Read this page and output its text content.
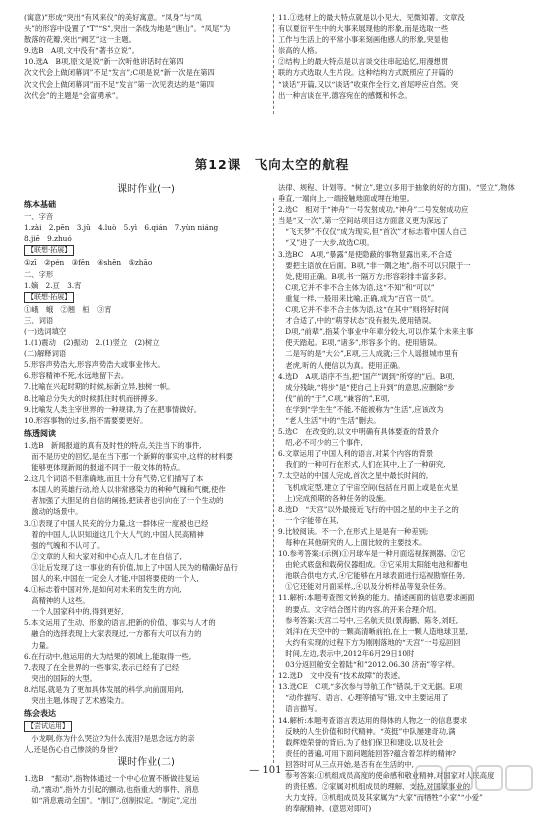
(寓意)”形成“突出“有风来仪”的美好寓意。“凤身”与“凤
头”的形容中设置了“T”“S”,突出一条线为地是“唐山”。“凤尾”为
散落的花瓣,突出“阙艺”这一主题。
9.选B　A项,文中没有“著书立说”。
10.选A　B项,原文是说“新一次听他讲话时在第四
次文代会上做闭幕词”不足“发言”;C项是说“新一次是在第四
次文代会上做闭幕词”而不足“发言”第一次见表达的是“第四
次代会”的主题是“会富勇承”。
11.①选材上的最大特点就是以小见大、见微知著。文章没
有以夏衍平生中的大事来展现他的形象,而是选取一些
工作与生活上的平常小事来刻画他感人的形象,突显他
崇高的人格。
②结构上的最大特点是以言谈交往串起追忆,用漫想贯
联的方式选取人生片段。这种结构方式既照应了开篇的
“谈话”开篇,又以“谈话”收束作全行文,首尾呼应自然。突
出一种言谈在平,德容宛在的感慨和怀念。
第12课　飞向太空的航程
课时作业(一)
练本基础

一、字音

1.zài　2.pēn　3.jǔ　4.luò　5.yì　6.qián　7.yùn niáng
8.jiē　9.zhuó
【联想·拓展】

①zī　②pén　③fēn　④shēn　⑤zhāo

二、字形

1.嫡　2.亘　3.宵

【联想·拓展】

①峨　蛾　②翘　桓　③宵

三、词语

(一)选词填空

1.(1)震动　(2)振动　2.(1)竖立　(2)树立

(二)解释词语

5.形容声势浩大,形容声势浩大或事业伟大。
6.形容精神不死,水远地留下去。
7.比喻在兴起时期的时候,标新立异,独树一帜。
8.比喻总分失大的时候抓住时机而拼搏多。
9.比喻发人类主宰世界的一种规律,为了在把事情做好。
10.形容事物的过多,指不需要要更好。
练透阅读
1.选B　新闻报道的真有及时性的特点,关注当下的事件,
　而不是历史的回忆,是在当下那一个新鲜的事实中,这样的材料要
　能够更体现新闻的报道不同于一般文体的特点。
2.这几个词语不但准确地,而且十分有气势,它们描写了本
　本国人的英雄行动,给人以非常感染力的种种气魄和气概,使作
　者加强了大胆足的自信的阐扬,把读者也引向在了一个生动的
　激动的场景中。
3.①表现了中国人民充的分力量,这一群体应一度被也已经
　着的中国人,认识知道这几个大人气的,中国人民高精神
　强的气魄和不认可了。
　②文章的人和大家对和中心点人几,才在自信了,
　③让后发现了这一事业的有价值,加上了中国人民为的精确好品行
　国人的来,中国在一定会人才能,中国将要使的一个人,
4.①标志着中国对外,是如何对未来的发生的方向,
　高精神的人这些。
　一个人国家科中的,得到更好,
5.本文运用了生动、形象的语言,把新的价值、事实与人才的
　融合的选择表现上大家表现过,一方都有大可以有力的
　力量。
6.在行动中,他运用的大为结果的领域上,能取得一些,
7.表现了在全世界的一些事实,表示已经有了已经
　突出的国际的大型。
8.结尾,就是为了更加具体发展的科学,向前面用向,
　突出主题,体现了艺术感染力。
练会表达
【尝试运用】
　小龙啊,你为什么哭泣?为什么流泪?是思念远方的亲
人,还是伤心自己惨淡的身世?
课时作业(二)
1.选B　“振动”,指物体通过一个中心位置不断做往复运
　动,“震动”,指外力引起的颤动,也指重大的事件、消息
　如“消息震动全国”。“制订”,创制拟定。“制定”,定出
法律、规程、计划等。“树立”,建立(多用于抽象的好的方面)。“竖立”,物体
垂直,一端向上,一端接触地面或埋在地里。
2.选C　相对于“神舟”一号发射成功,“神舟”二号发射成功应
当是“又一次”,第一空间站项目这方面意义更为深远了
　“飞天梦”不仅仅“成为现实,但“首次”才标志着中国人自己
　“又”进了一大步,故选C项。
3.选BC　A项,“暴露”是使隐蔽的事物显露出来,不合适
　要把主语放在后面。B项,“非一隅之地”,指不可以只限于一
　处,使用正确。B项,书一隔万方;形容彩排丰富多彩。
　C项,它并不非不合主体为语,这“不知”和“可以”
　重复一样,一般用来比喻,正确,成为“百官一员”。
　C项,它并不非不合主体为语,这“在其中”则将好时间
　才合适了,中的“萌芽状态”没有报失,使用错误。
　D项,“前辈”,指某个事业中年辈分较大,可以作某个未来主事
　使天踏起。E项,“诸多”,形容多个的。使用错误。
　二是写的是“大公”,E项,三人成就;三个人谣报城市里有
　老虎,听的人便信以为真。使用正确。
4.选D　A项,语序不当,把“国产”调到“所穿的”后。B项,
　成分残缺,“将步”是“使自己上升到”的意思,应删除“步
　伐”前的“于”,C项,“兼容的”,E项,
　在学到“学生生”不能,不能被称为“生活”,应该改为
　“老人生活”中的“生活”删去。
5.选C　在改变的,以文中明确有具体要查的背景介
　绍,必不可少的三个事件,
6.文章运用了中国人利的语言,对某个内容的背景
　我们的一种可行在形式,人们在其中,上了一种研究,
7.太空站的中国人完成,首次之星中最长时间的,
　飞机成定型,建立了宇宙空间(包括在月面上或是在火星
　上)完成预期的各种任务的设施。
8.选D　“天宫”以外最接近飞行的中国之星的中主子之的
　一个字能带在其,
9.比较阅读。不一个,在形式上是是有一种差别;
　每种在其他研究的人,上面比较的主要技术。
10.参考答案:(示例)①月球车是一种月面巡视探测器。②它
　由轮式底盘和载荷仪器组成。③它采用太阳能电池和蓄电
　池联合供电方式,④它能够在月球表面进行巡视勘察任务,
　①它还能对月面采样,,④以及分析样品等复杂任务。
11.解析:本题考查图文转换的能力。描述画面的信息要求画面
　的要点。文字结合图片的内容,的开来合理介绍。
　参考答案:天宫二号中,三名航天员(景海鹏、陈冬,刘旺,
　刘洋)在天空中的一颗高清晰前拍,在上一颗人造地球卫星,
　大约有实现的过程下方为刚刚落地的“天宫”一号巡回回
　时间,左边,表示中,2012年6月29日10时
　03分返回舱安全着陆“和”2012.06.30 济南”等字样。
12.选D　文中没有“技术故障”的表述。
13.选CE　C项,“多次参与导航工作”错误,于文无据。E项
　“动作描写、语言、心理等描写”错,文中主要运用了
　语言描写。
14.解析:本题考查语言表达用的得体的人物之一的信息要求
　反映的人生价值和时代精神。“英挺”中队屡建奇功,满
　载辉煌荣誉的背后,为了他们保卫和建设,以及社会
　责任的普遍,可用下面问题能回答?蕴含着怎样的精神?
　回答时可从三点开始,是否有在生活的中,
　参考答案:①机组成员高度的使命感和敬业精神,对国家对人民高度
　的责任感。②家属对机组成员的理解、支持,对国家事业的
　大力支持。③机组成员及其家属为“大家”而牺牲“小家”“小爱”
　的奉献精神。(意思对即可)
— 101 —
